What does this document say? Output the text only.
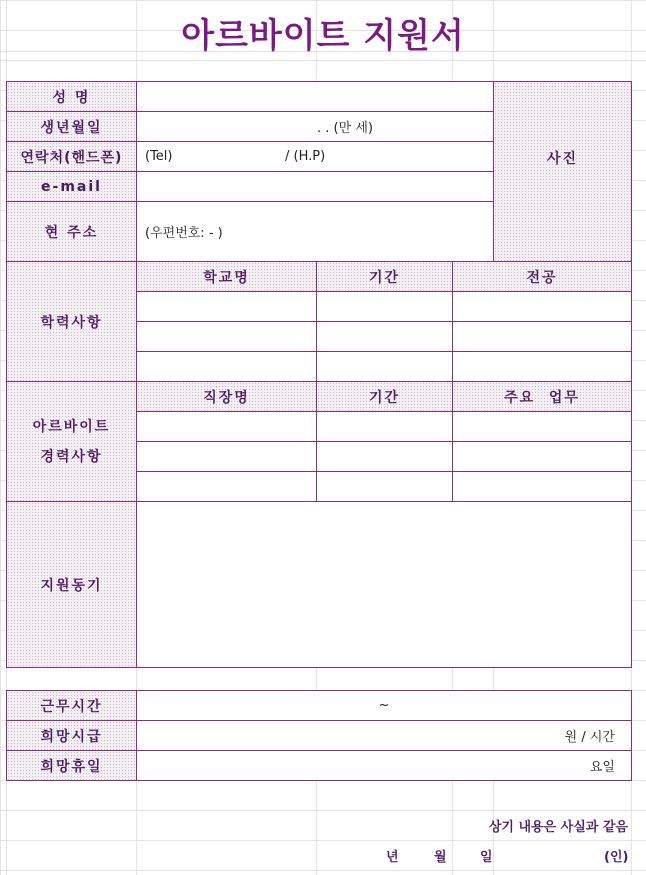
아르바이트 지원서
성 명
생년월일	. . (만 세)
연락처(핸드폰)	(Tel)	/ (H.P)
e-mail
현 주소	(우편번호: - )
사진
학력사항
학교명	기간	전공
아르바이트
경력사항
직장명	기간	주요  업무
지원동기
근무시간	~
희망시급	원 / 시간
희망휴일	요일
상기 내용은 사실과 같음
년	월	일	(인)
